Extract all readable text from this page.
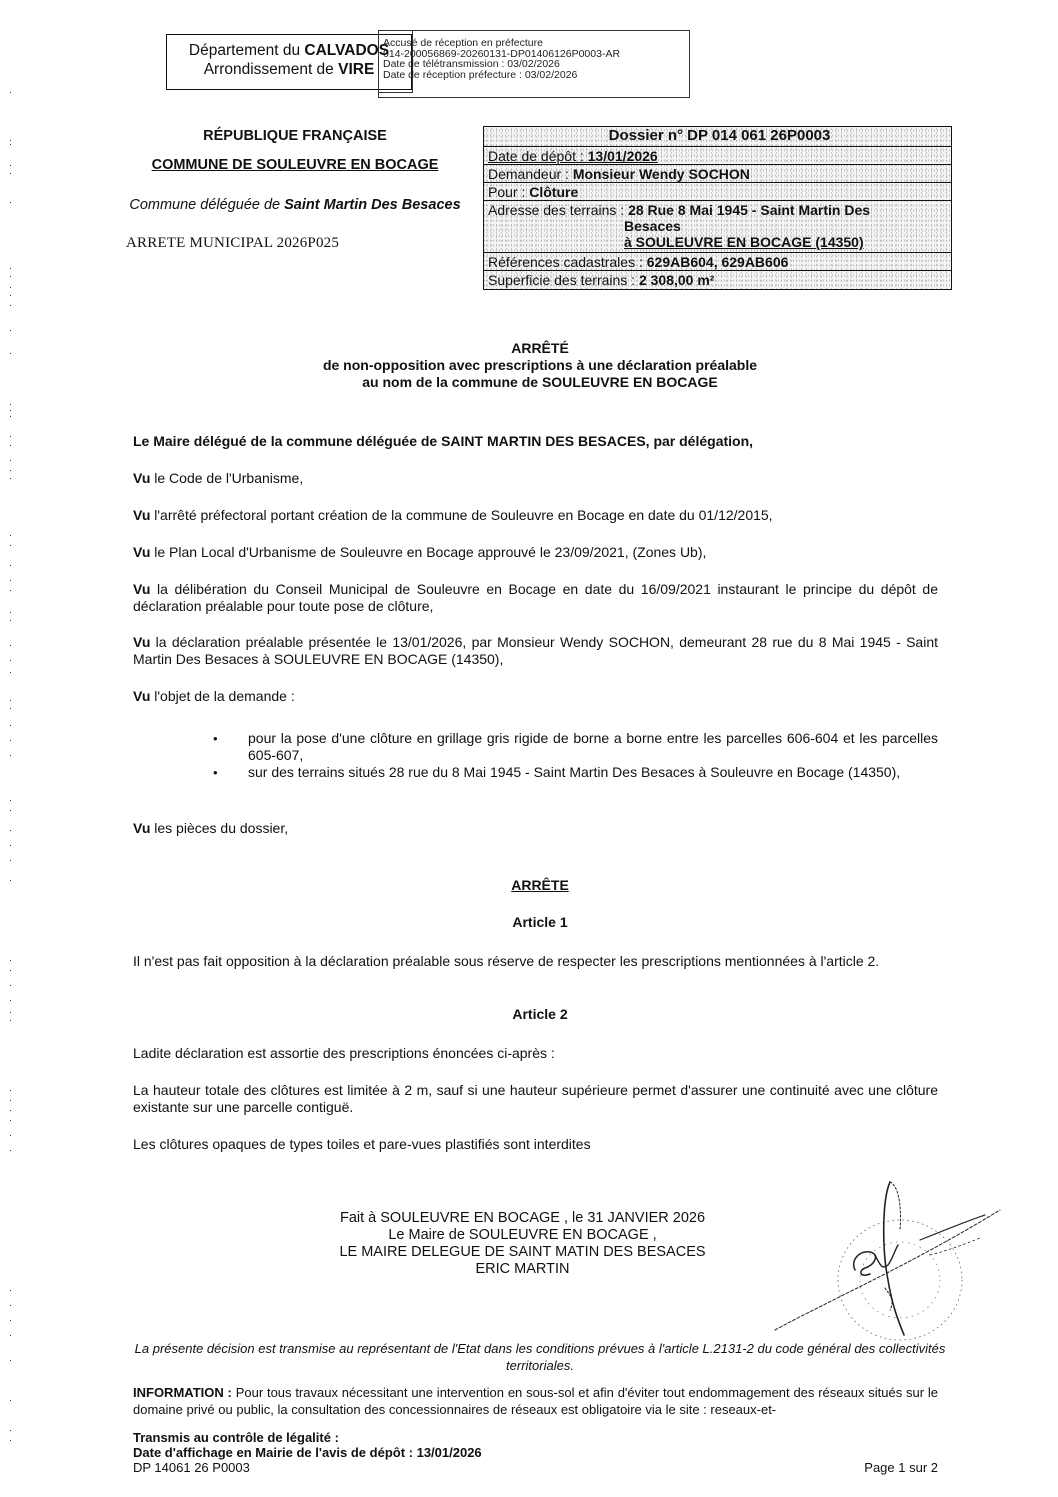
Département du CALVADOS
Arrondissement de VIRE
Accusé de réception en préfecture
014-200056869-20260131-DP01406126P0003-AR
Date de télétransmission : 03/02/2026
Date de réception préfecture : 03/02/2026
RÉPUBLIQUE FRANÇAISE
COMMUNE DE SOULEUVRE EN BOCAGE
Commune déléguée de Saint Martin Des Besaces
ARRETE MUNICIPAL 2026P025
Dossier n° DP 014 061 26P0003
Date de dépôt : 13/01/2026
Demandeur : Monsieur Wendy SOCHON
Pour : Clôture
Adresse des terrains : 28 Rue 8 Mai 1945 - Saint Martin Des
Besaces
à SOULEUVRE EN BOCAGE (14350)
Références cadastrales : 629AB604, 629AB606
Superficie des terrains : 2 308,00 m²
ARRÊTÉ
de non-opposition avec prescriptions à une déclaration préalable
au nom de la commune de SOULEUVRE EN BOCAGE
Le Maire délégué de la commune déléguée de SAINT MARTIN DES BESACES, par délégation,
Vu le Code de l'Urbanisme,
Vu l'arrêté préfectoral portant création de la commune de Souleuvre en Bocage en date du 01/12/2015,
Vu le Plan Local d'Urbanisme de Souleuvre en Bocage approuvé le 23/09/2021, (Zones Ub),
Vu la délibération du Conseil Municipal de Souleuvre en Bocage en date du 16/09/2021 instaurant le principe du dépôt de déclaration préalable pour toute pose de clôture,
Vu la déclaration préalable présentée le 13/01/2026, par Monsieur Wendy SOCHON, demeurant 28 rue du 8 Mai 1945 - Saint Martin Des Besaces à SOULEUVRE EN BOCAGE (14350),
Vu l'objet de la demande :
• pour la pose d'une clôture en grillage gris rigide de borne a borne entre les parcelles 606-604 et les parcelles 605-607,
• sur des terrains situés 28 rue du 8 Mai 1945 - Saint Martin Des Besaces à Souleuvre en Bocage (14350),
Vu les pièces du dossier,
ARRÊTE
Article 1
Il n'est pas fait opposition à la déclaration préalable sous réserve de respecter les prescriptions mentionnées à l'article 2.
Article 2
Ladite déclaration est assortie des prescriptions énoncées ci-après :
La hauteur totale des clôtures est limitée à 2 m, sauf si une hauteur supérieure permet d'assurer une continuité avec une clôture existante sur une parcelle contiguë.
Les clôtures opaques de types toiles et pare-vues plastifiés sont interdites
Fait à SOULEUVRE EN BOCAGE , le 31 JANVIER 2026
Le Maire de SOULEUVRE EN BOCAGE ,
LE MAIRE DELEGUE DE SAINT MATIN DES BESACES
ERIC MARTIN
La présente décision est transmise au représentant de l'Etat dans les conditions prévues à l'article L.2131-2 du code général des collectivités territoriales.
INFORMATION : Pour tous travaux nécessitant une intervention en sous-sol et afin d'éviter tout endommagement des réseaux situés sur le domaine privé ou public, la consultation des concessionnaires de réseaux est obligatoire via le site : reseaux-et-
Transmis au contrôle de légalité :
Date d'affichage en Mairie de l'avis de dépôt : 13/01/2026
DP 14061 26 P0003	Page 1 sur 2
